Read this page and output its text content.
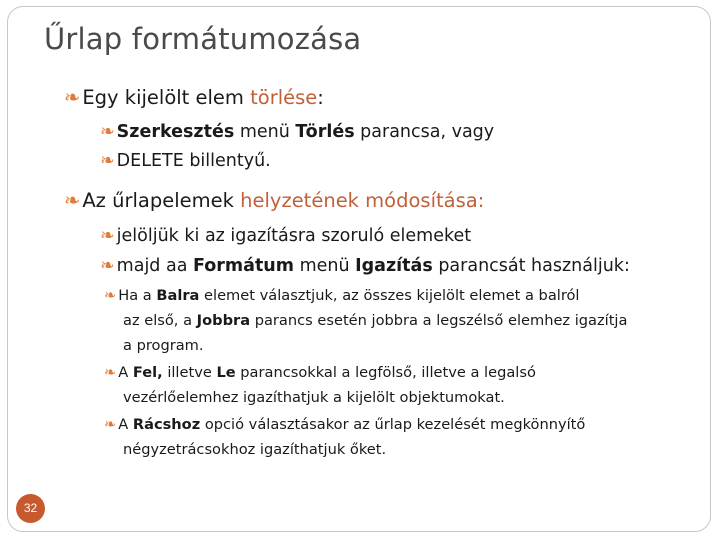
Űrlap formátumozása
❧ Egy kijelölt elem törlése:
❧ Szerkesztés menü Törlés parancsa, vagy
❧ DELETE billentyű.
❧ Az űrlapelemek helyzetének módosítása:
❧ jelöljük ki az igazításra szoruló elemeket
❧ majd aa Formátum menü Igazítás parancsát használjuk:
❧ Ha a Balra elemet választjuk, az összes kijelölt elemet a balról
az első, a Jobbra parancs esetén jobbra a legszélső elemhez igazítja
a program.
❧ A Fel, illetve Le parancsokkal a legfölső, illetve a legalsó
vezérlőelemhez igazíthatjuk a kijelölt objektumokat.
❧ A Rácshoz opció választásakor az űrlap kezelését megkönnyítő
négyzetrácsokhoz igazíthatjuk őket.
32
